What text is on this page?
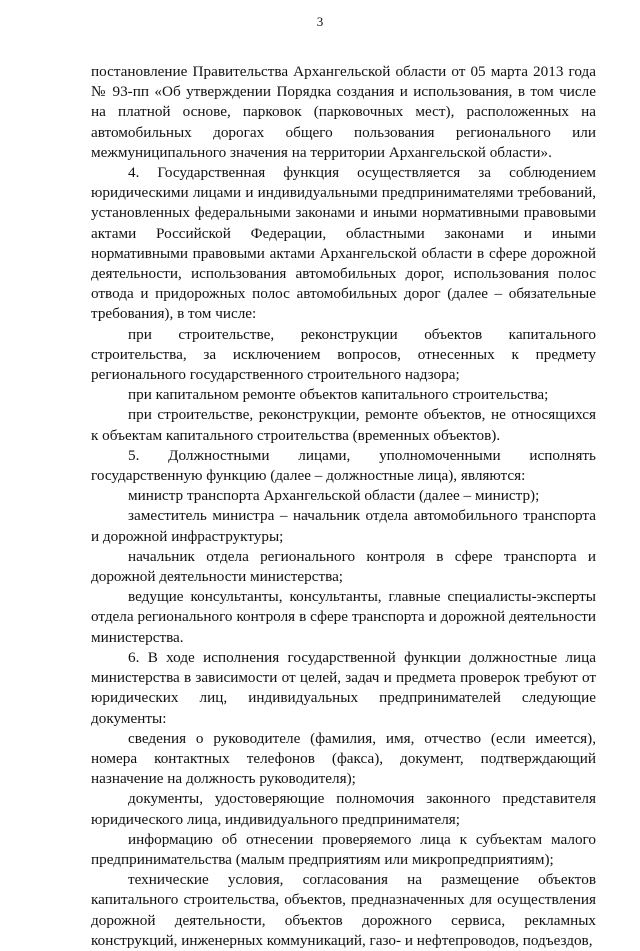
3

постановление Правительства Архангельской области от 05 марта 2013 года № 93-пп «Об утверждении Порядка создания и использования, в том числе на платной основе, парковок (парковочных мест), расположенных на автомобильных дорогах общего пользования регионального или межмуниципального значения на территории Архангельской области».

4. Государственная функция осуществляется за соблюдением юридическими лицами и индивидуальными предпринимателями требований, установленных федеральными законами и иными нормативными правовыми актами Российской Федерации, областными законами и иными нормативными правовыми актами Архангельской области в сфере дорожной деятельности, использования автомобильных дорог, использования полос отвода и придорожных полос автомобильных дорог (далее – обязательные требования), в том числе:

при строительстве, реконструкции объектов капитального строительства, за исключением вопросов, отнесенных к предмету регионального государственного строительного надзора;

при капитальном ремонте объектов капитального строительства;

при строительстве, реконструкции, ремонте объектов, не относящихся к объектам капитального строительства (временных объектов).

5. Должностными лицами, уполномоченными исполнять государственную функцию (далее – должностные лица), являются:

министр транспорта Архангельской области (далее – министр);

заместитель министра – начальник отдела автомобильного транспорта и дорожной инфраструктуры;

начальник отдела регионального контроля в сфере транспорта и дорожной деятельности министерства;

ведущие консультанты, консультанты, главные специалисты-эксперты отдела регионального контроля в сфере транспорта и дорожной деятельности министерства.

6. В ходе исполнения государственной функции должностные лица министерства в зависимости от целей, задач и предмета проверок требуют от юридических лиц, индивидуальных предпринимателей следующие документы:

сведения о руководителе (фамилия, имя, отчество (если имеется), номера контактных телефонов (факса), документ, подтверждающий назначение на должность руководителя);

документы, удостоверяющие полномочия законного представителя юридического лица, индивидуального предпринимателя;

информацию об отнесении проверяемого лица к субъектам малого предпринимательства (малым предприятиям или микропредприятиям);

технические условия, согласования на размещение объектов капитального строительства, объектов, предназначенных для осуществления дорожной деятельности, объектов дорожного сервиса, рекламных конструкций, инженерных коммуникаций, газо- и нефтепроводов, подъездов,
